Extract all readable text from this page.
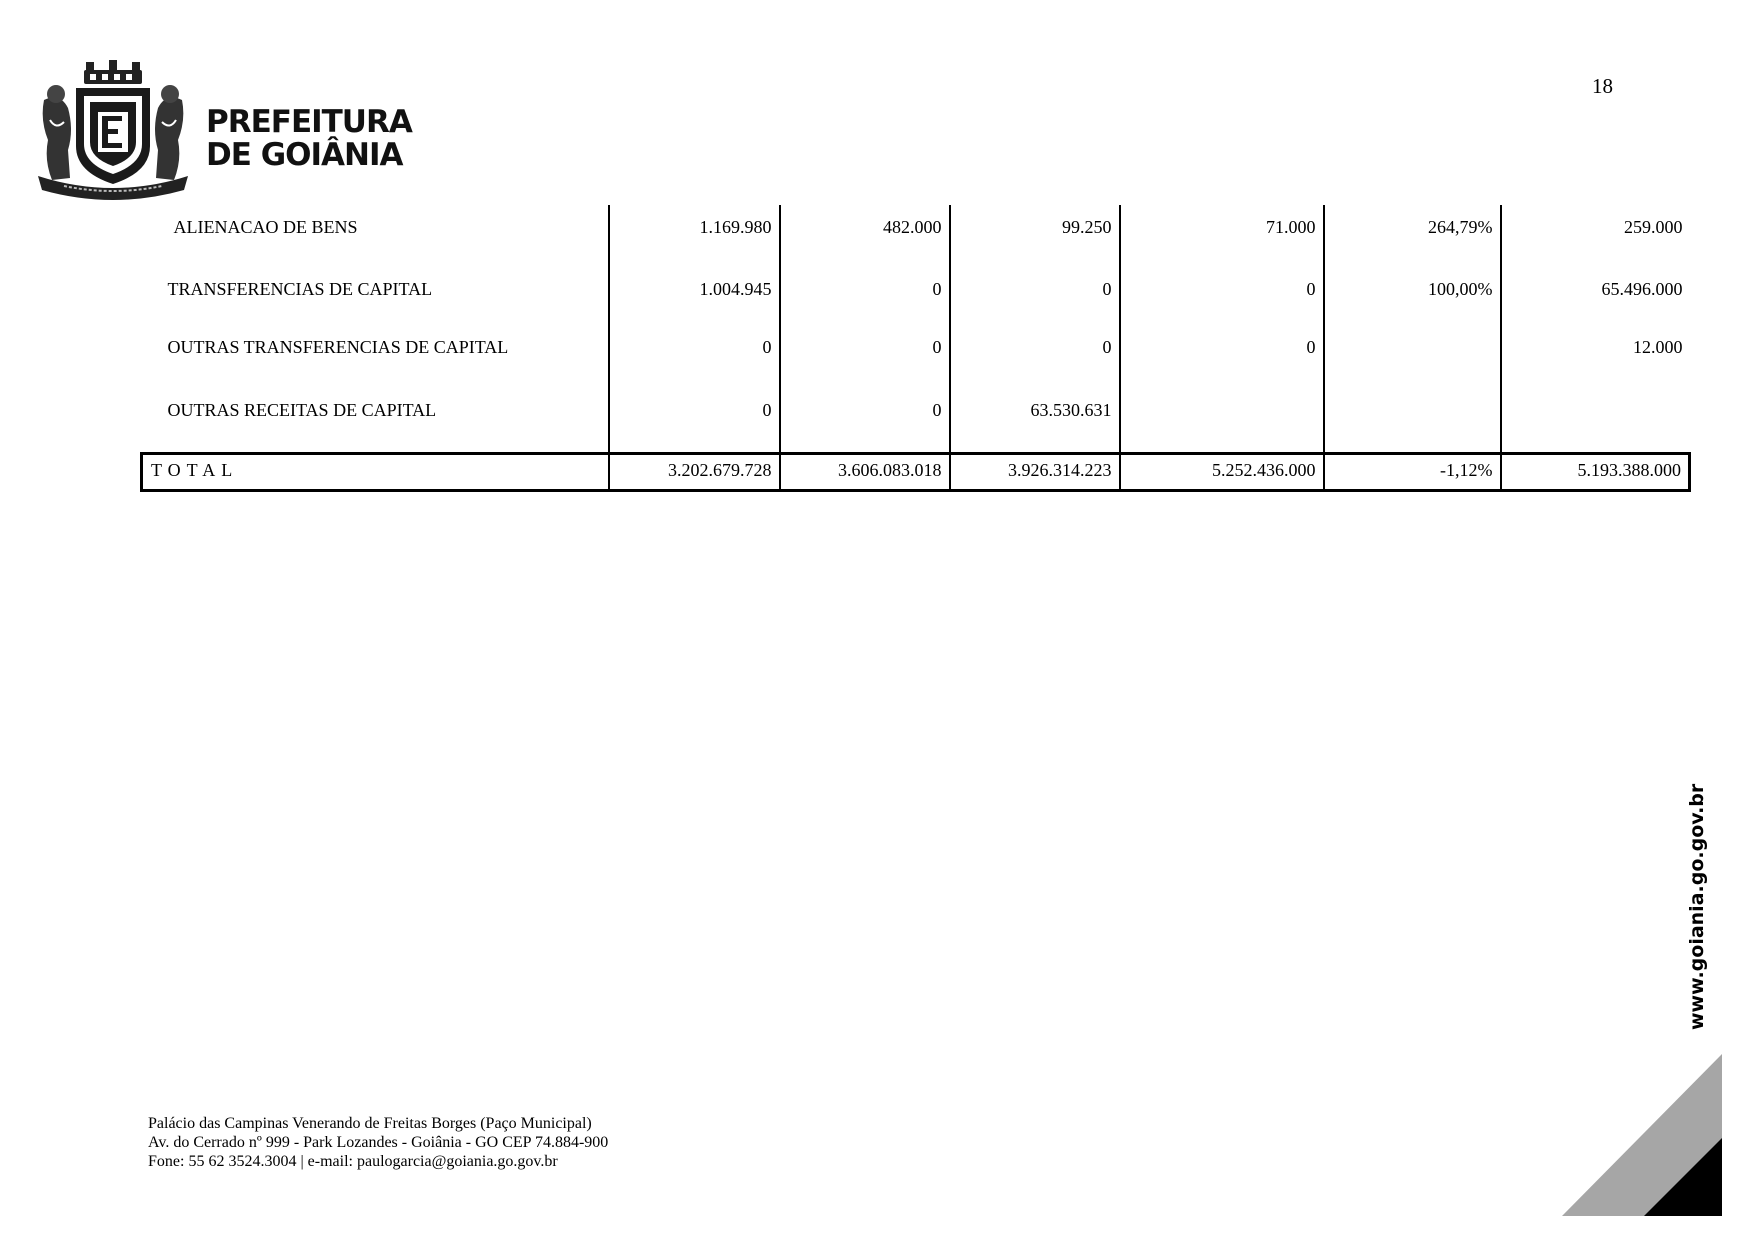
PREFEITURA
DE GOIÂNIA
18
ALIENACAO DE BENS	1.169.980	482.000	99.250	71.000	264,79%	259.000
TRANSFERENCIAS DE CAPITAL	1.004.945	0	0	0	100,00%	65.496.000
OUTRAS TRANSFERENCIAS DE CAPITAL	0	0	0	0		12.000
OUTRAS RECEITAS DE CAPITAL	0	0	63.530.631			
TOTAL	3.202.679.728	3.606.083.018	3.926.314.223	5.252.436.000	-1,12%	5.193.388.000
Palácio das Campinas Venerando de Freitas Borges (Paço Municipal)
Av. do Cerrado nº 999 - Park Lozandes - Goiânia - GO CEP 74.884-900
Fone: 55 62 3524.3004 | e-mail: paulogarcia@goiania.go.gov.br
www.goiania.go.gov.br
